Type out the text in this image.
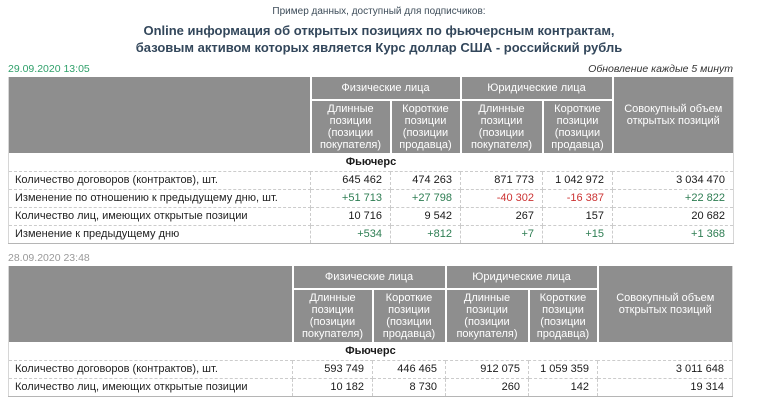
Пример данных, доступный для подписчиков:
Online информация об открытых позициях по фьючерсным контрактам,
базовым активом которых является Курс доллар США - российский рубль
29.09.2020 13:05	Обновление каждые 5 минут
	Физические лица		Юридические лица		Совокупный объем открытых позиций
	Длинные позиции (позиции покупателя)	Короткие позиции (позиции продавца)	Длинные позиции (позиции покупателя)	Короткие позиции (позиции продавца)	
Фьючерс					
Количество договоров (контрактов), шт.	645 462	474 263	871 773	1 042 972	3 034 470
Изменение по отношению к предыдущему дню, шт.	+51 713	+27 798	-40 302	-16 387	+22 822
Количество лиц, имеющих открытые позиции	10 716	9 542	267	157	20 682
Изменение к предыдущему дню	+534	+812	+7	+15	+1 368
28.09.2020 23:48
	Физические лица		Юридические лица		Совокупный объем открытых позиций
	Длинные позиции (позиции покупателя)	Короткие позиции (позиции продавца)	Длинные позиции (позиции покупателя)	Короткие позиции (позиции продавца)	
Фьючерс					
Количество договоров (контрактов), шт.	593 749	446 465	912 075	1 059 359	3 011 648
Количество лиц, имеющих открытые позиции	10 182	8 730	260	142	19 314
